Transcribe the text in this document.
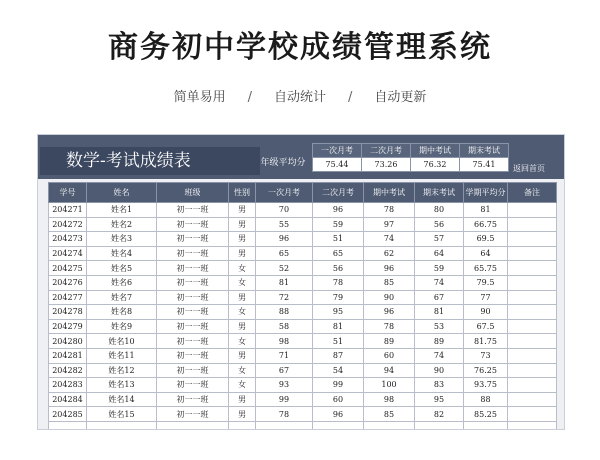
商务初中学校成绩管理系统
简单易用 / 自动统计 / 自动更新
数学-考试成绩表	年级平均分
一次月考	二次月考	期中考试	期末考试
75.44	73.26	76.32	75.41	返回首页
学号	姓名	班级	性别	一次月考	二次月考	期中考试	期末考试	学期平均分	备注
204271	姓名1	初一一班	男	70	96	78	80	81	
204272	姓名2	初一一班	男	55	59	97	56	66.75	
204273	姓名3	初一一班	男	96	51	74	57	69.5	
204274	姓名4	初一一班	男	65	65	62	64	64	
204275	姓名5	初一一班	女	52	56	96	59	65.75	
204276	姓名6	初一一班	女	81	78	85	74	79.5	
204277	姓名7	初一一班	男	72	79	90	67	77	
204278	姓名8	初一一班	女	88	95	96	81	90	
204279	姓名9	初一一班	男	58	81	78	53	67.5	
204280	姓名10	初一一班	女	98	51	89	89	81.75	
204281	姓名11	初一一班	男	71	87	60	74	73	
204282	姓名12	初一一班	女	67	54	94	90	76.25	
204283	姓名13	初一一班	女	93	99	100	83	93.75	
204284	姓名14	初一一班	男	99	60	98	95	88	
204285	姓名15	初一一班	男	78	96	85	82	85.25	
